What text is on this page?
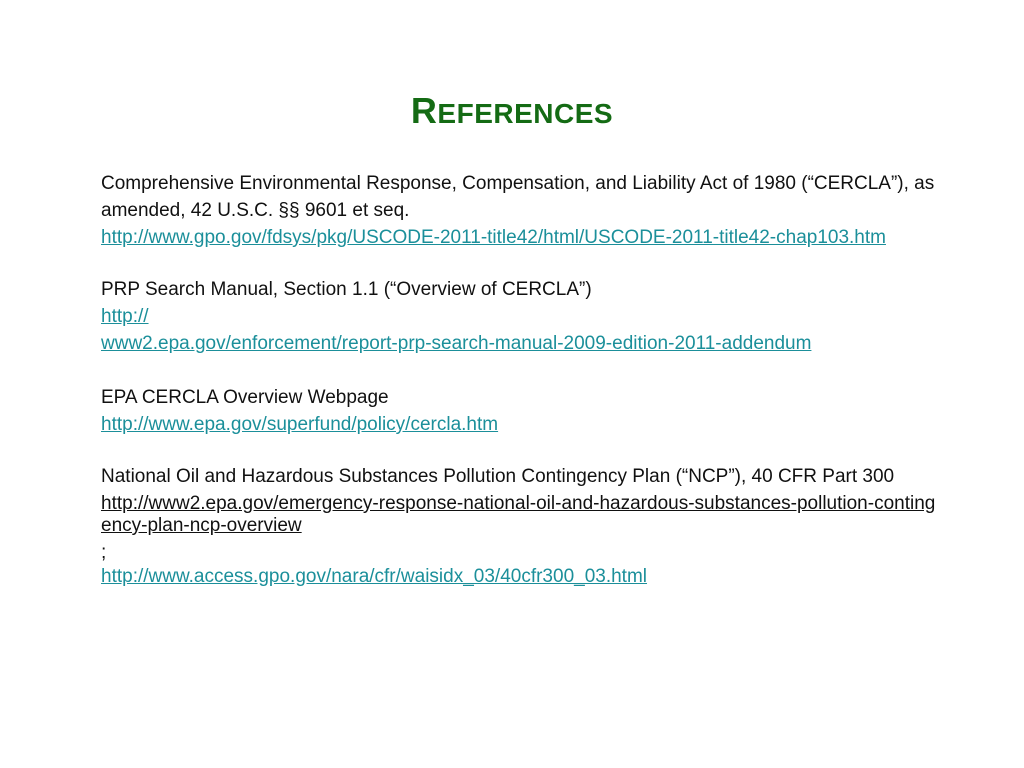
REFERENCES
Comprehensive Environmental Response, Compensation, and Liability Act of 1980 (“CERCLA”), as amended, 42 U.S.C. §§ 9601 et seq.
http://www.gpo.gov/fdsys/pkg/USCODE-2011-title42/html/USCODE-2011-title42-chap103.htm
PRP Search Manual, Section 1.1 (“Overview of CERCLA”)
http://
www2.epa.gov/enforcement/report-prp-search-manual-2009-edition-2011-addendum
EPA CERCLA Overview Webpage
http://www.epa.gov/superfund/policy/cercla.htm
National Oil and Hazardous Substances Pollution Contingency Plan (“NCP”), 40 CFR Part 300
http://www2.epa.gov/emergency-response-national-oil-and-hazardous-substances-pollution-contingency-plan-ncp-overview
;
http://www.access.gpo.gov/nara/cfr/waisidx_03/40cfr300_03.html
